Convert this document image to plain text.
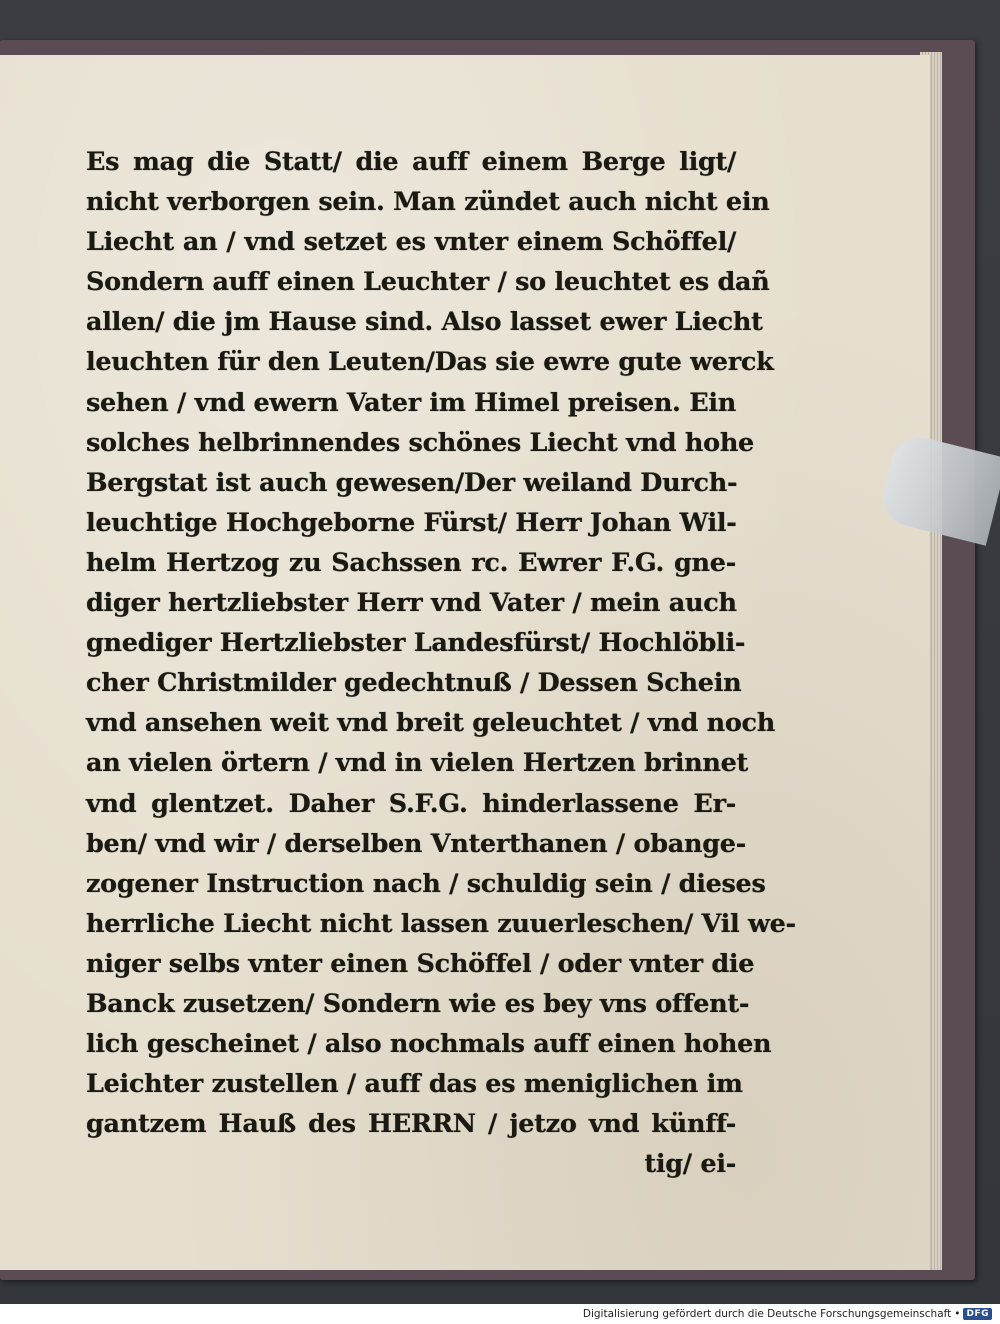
Es mag die Statt/ die auff einem Berge ligt/
nicht verborgen sein. Man zündet auch nicht ein
Liecht an / vnd setzet es vnter einem Schöffel/
Sondern auff einen Leuchter / so leuchtet es dañ
allen/ die jm Hause sind. Also lasset ewer Liecht
leuchten für den Leuten/Das sie ewre gute werck
sehen / vnd ewern Vater im Himel preisen. Ein
solches helbrinnendes schönes Liecht vnd hohe
Bergstat ist auch gewesen/Der weiland Durch-
leuchtige Hochgeborne Fürst/ Herr Johan Wil-
helm Hertzog zu Sachssen rc. Ewrer F.G. gne-
diger hertzliebster Herr vnd Vater / mein auch
gnediger Hertzliebster Landesfürst/ Hochlöbli-
cher Christmilder gedechtnuß / Dessen Schein
vnd ansehen weit vnd breit geleuchtet / vnd noch
an vielen örtern / vnd in vielen Hertzen brinnet
vnd glentzet. Daher S.F.G. hinderlassene Er-
ben/ vnd wir / derselben Vnterthanen / obange-
zogener Instruction nach / schuldig sein / dieses
herrliche Liecht nicht lassen zuuerleschen/ Vil we-
niger selbs vnter einen Schöffel / oder vnter die
Banck zusetzen/ Sondern wie es bey vns offent-
lich gescheinet / also nochmals auff einen hohen
Leichter zustellen / auff das es meniglichen im
gantzem Hauß des HERRN / jetzo vnd künff-
tig/ ei-
Digitalisierung gefördert durch die Deutsche Forschungsgemeinschaft • DFG
